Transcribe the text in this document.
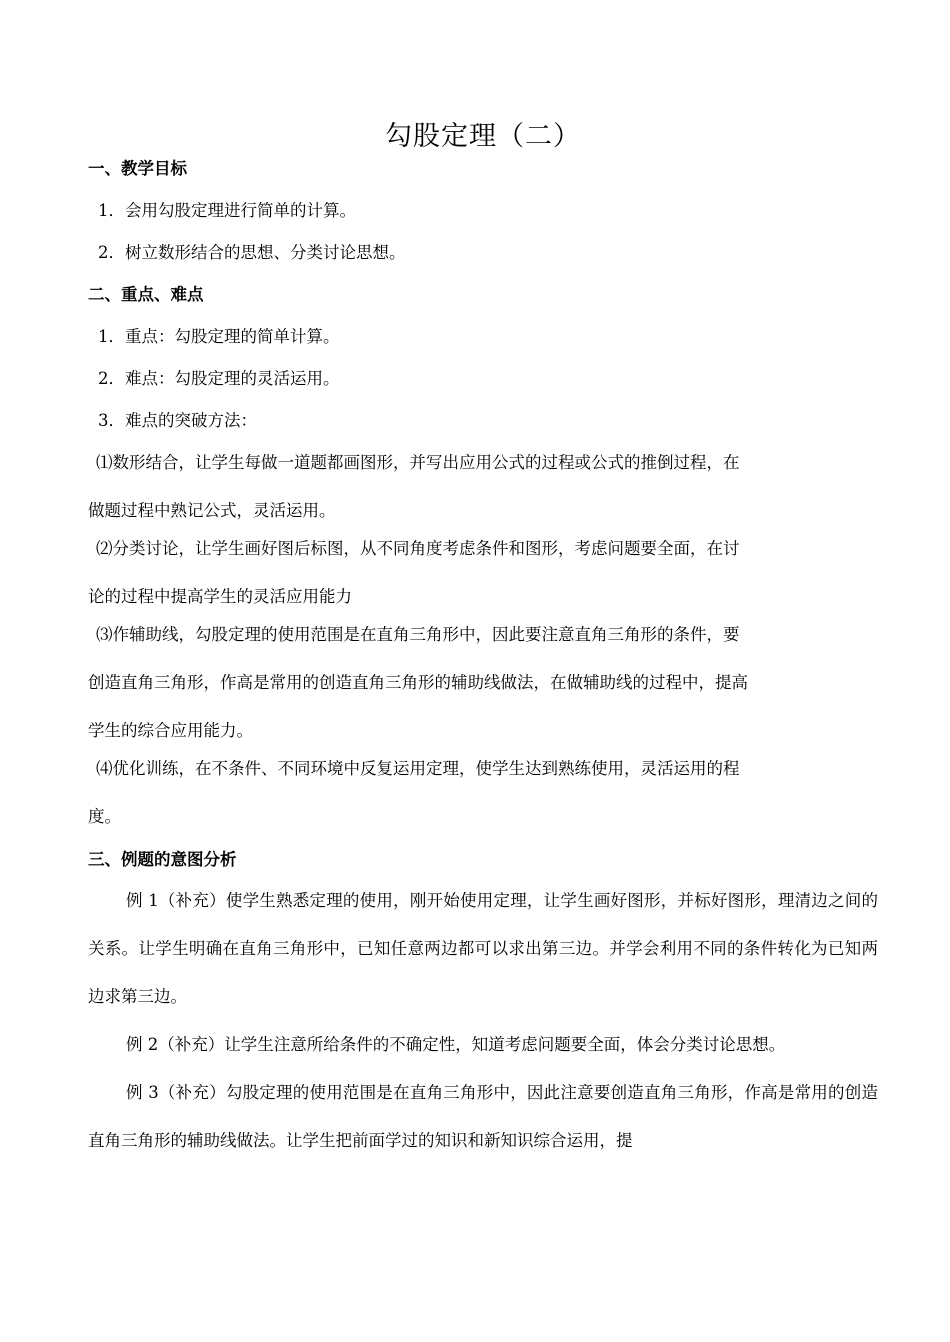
勾股定理（二）
一、教学目标

1．会用勾股定理进行简单的计算。

2．树立数形结合的思想、分类讨论思想。

二、重点、难点

1．重点：勾股定理的简单计算。

2．难点：勾股定理的灵活运用。

3．难点的突破方法：

⑴数形结合，让学生每做一道题都画图形，并写出应用公式的过程或公式的推倒过程，在
做题过程中熟记公式，灵活运用。

⑵分类讨论，让学生画好图后标图，从不同角度考虑条件和图形，考虑问题要全面，在讨
论的过程中提高学生的灵活应用能力

⑶作辅助线，勾股定理的使用范围是在直角三角形中，因此要注意直角三角形的条件，要
创造直角三角形，作高是常用的创造直角三角形的辅助线做法，在做辅助线的过程中，提高
学生的综合应用能力。

⑷优化训练，在不条件、不同环境中反复运用定理，使学生达到熟练使用，灵活运用的程
度。

三、例题的意图分析

例 1（补充）使学生熟悉定理的使用，刚开始使用定理，让学生画好图形，并标好图形，理清边之间的关系。让学生明确在直角三角形中，已知任意两边都可以求出第三边。并学会利用不同的条件转化为已知两边求第三边。

例 2（补充）让学生注意所给条件的不确定性，知道考虑问题要全面，体会分类讨论思想。

例 3（补充）勾股定理的使用范围是在直角三角形中，因此注意要创造直角三角形，作高是常用的创造直角三角形的辅助线做法。让学生把前面学过的知识和新知识综合运用，提
